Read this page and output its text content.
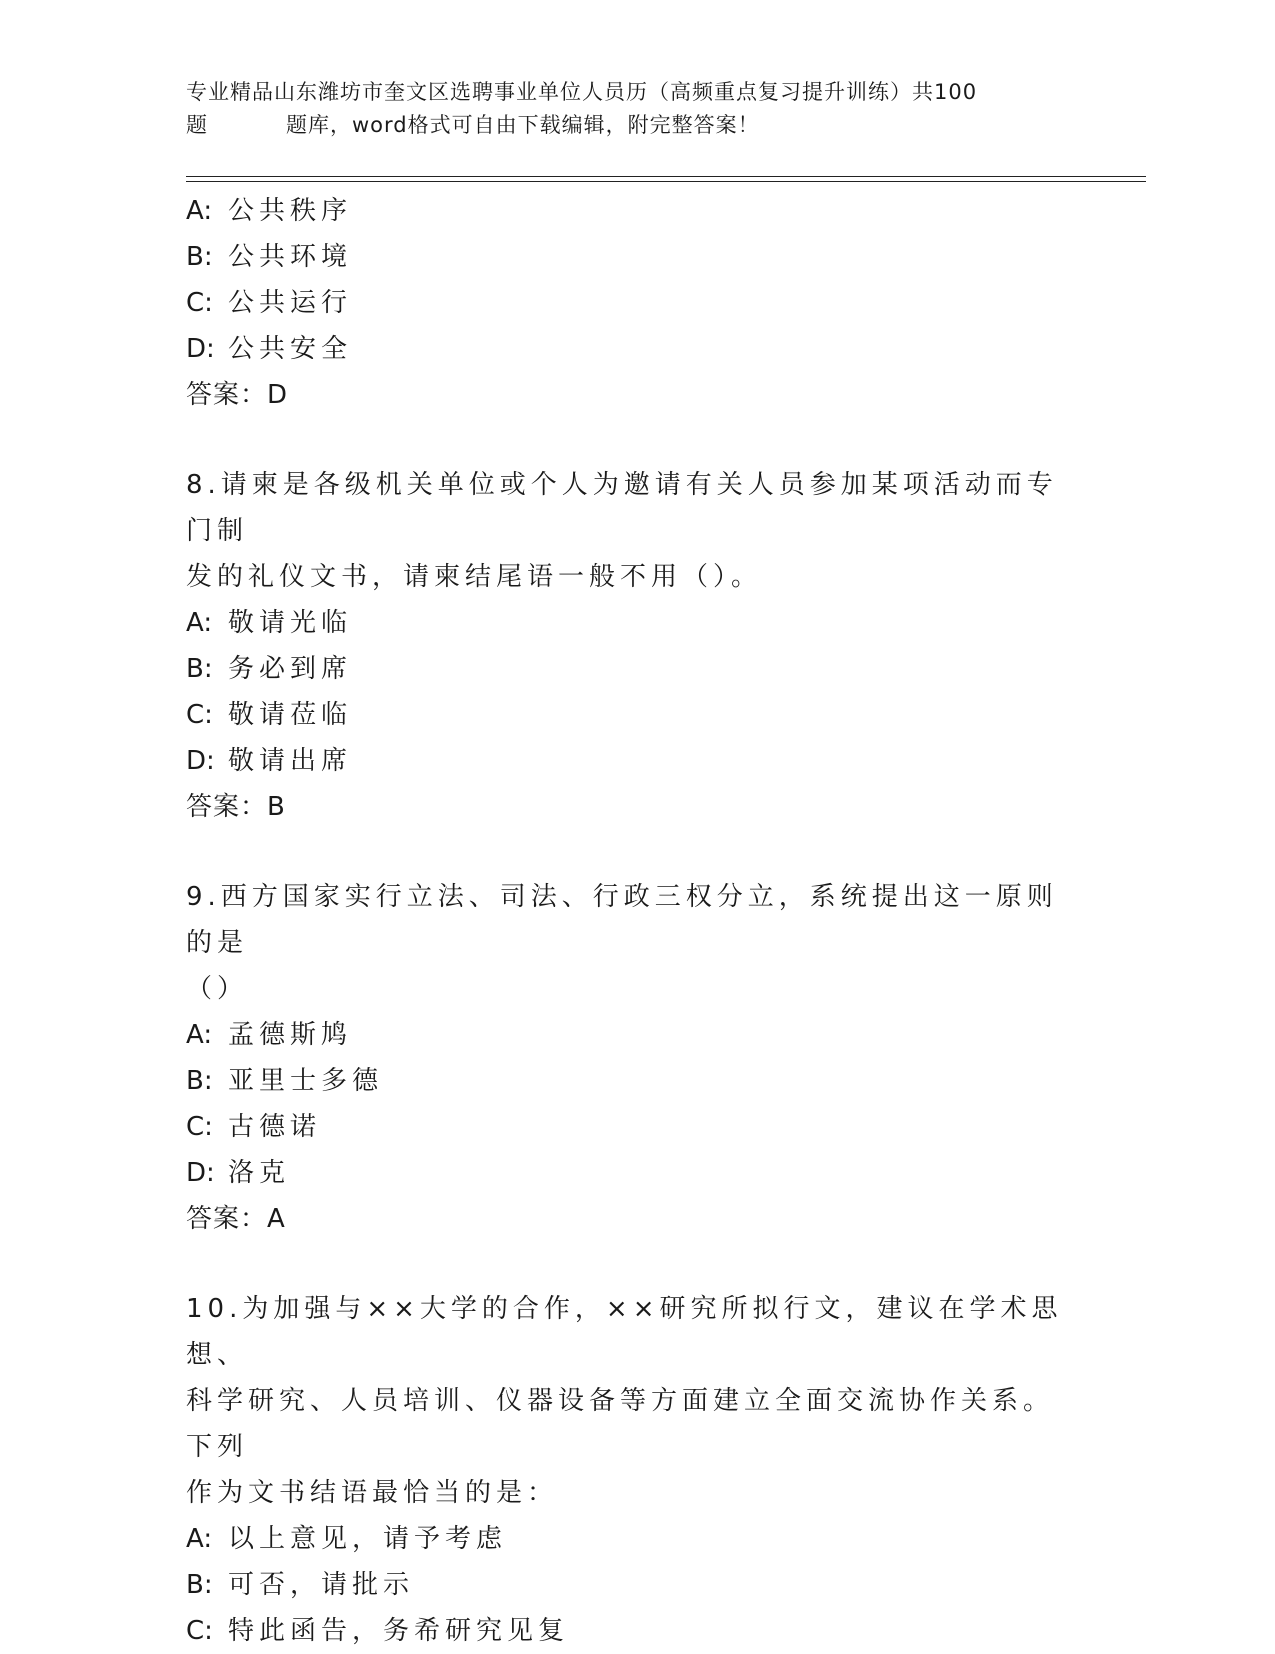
专业精品山东潍坊市奎文区选聘事业单位人员历（高频重点复习提升训练）共100

题	题库，word格式可自由下载编辑，附完整答案！
A: 公共秩序
B: 公共环境
C: 公共运行
D: 公共安全
答案：D
8.请柬是各级机关单位或个人为邀请有关人员参加某项活动而专门制
发的礼仪文书，请柬结尾语一般不用（）。
A: 敬请光临
B: 务必到席
C: 敬请莅临
D: 敬请出席
答案：B
9.西方国家实行立法、司法、行政三权分立，系统提出这一原则的是
（）
A: 孟德斯鸠
B: 亚里士多德
C: 古德诺
D: 洛克
答案：A
10.为加强与××大学的合作，××研究所拟行文，建议在学术思想、
科学研究、人员培训、仪器设备等方面建立全面交流协作关系。下列
作为文书结语最恰当的是：
A: 以上意见，请予考虑
B: 可否，请批示
C: 特此函告，务希研究见复
